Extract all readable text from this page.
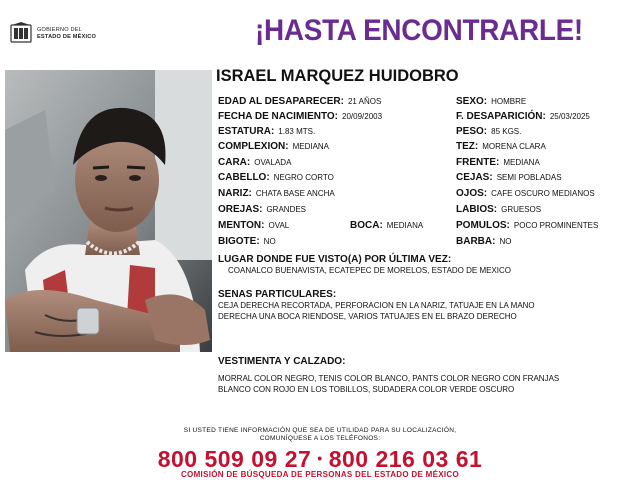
GOBIERNO DEL
ESTADO DE MÉXICO	¡HASTA ENCONTRARLE!
ISRAEL MARQUEZ HUIDOBRO
EDAD AL DESAPARECER: 21 AÑOS
FECHA DE NACIMIENTO: 20/09/2003
ESTATURA: 1.83 MTS.
COMPLEXION: MEDIANA
CARA: OVALADA
CABELLO: NEGRO CORTO
NARIZ: CHATA BASE ANCHA
OREJAS: GRANDES
MENTON: OVAL	BOCA: MEDIANA
BIGOTE: NO
SEXO: HOMBRE
F. DESAPARICIÓN: 25/03/2025
PESO: 85 KGS.
TEZ: MORENA CLARA
FRENTE: MEDIANA
CEJAS: SEMI POBLADAS
OJOS: CAFE OSCURO MEDIANOS
LABIOS: GRUESOS
POMULOS: POCO PROMINENTES
BARBA: NO
LUGAR DONDE FUE VISTO(A) POR ÚLTIMA VEZ:
COANALCO BUENAVISTA, ECATEPEC DE MORELOS, ESTADO DE MEXICO
SENAS PARTICULARES:
CEJA DERECHA RECORTADA, PERFORACION EN LA NARIZ, TATUAJE EN LA MANO
DERECHA UNA BOCA RIENDOSE, VARIOS TATUAJES EN EL BRAZO DERECHO
VESTIMENTA Y CALZADO:
MORRAL COLOR NEGRO, TENIS COLOR BLANCO, PANTS COLOR NEGRO CON FRANJAS
BLANCO CON ROJO EN LOS TOBILLOS, SUDADERA COLOR VERDE OSCURO
SI USTED TIENE INFORMACIÓN QUE SEA DE UTILIDAD PARA SU LOCALIZACIÓN,
COMUNÍQUESE A LOS TELÉFONOS:
800 509 09 27 • 800 216 03 61
COMISIÓN DE BÚSQUEDA DE PERSONAS DEL ESTADO DE MÉXICO
